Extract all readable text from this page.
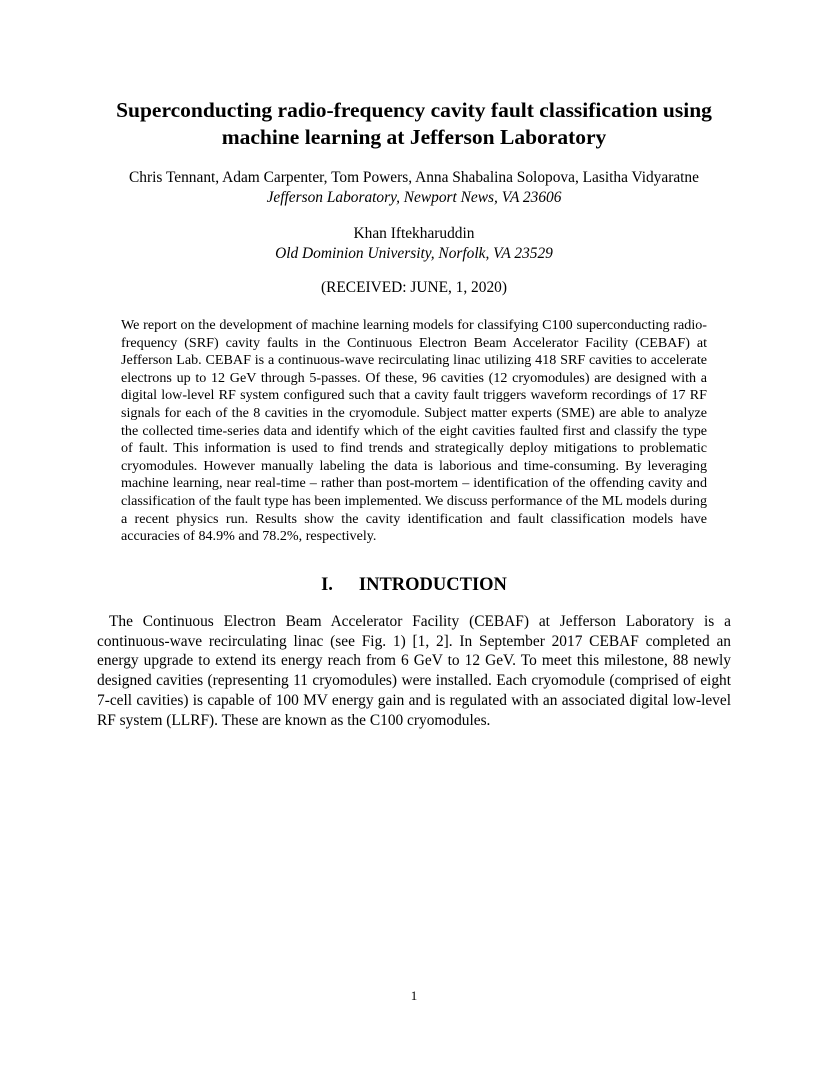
Superconducting radio-frequency cavity fault classification using
machine learning at Jefferson Laboratory
Chris Tennant, Adam Carpenter, Tom Powers, Anna Shabalina Solopova, Lasitha Vidyaratne
Jefferson Laboratory, Newport News, VA 23606
Khan Iftekharuddin
Old Dominion University, Norfolk, VA 23529
(RECEIVED: JUNE, 1, 2020)

We report on the development of machine learning models for classifying C100 superconducting radio-frequency (SRF) cavity faults in the Continuous Electron Beam Accelerator Facility (CEBAF) at Jefferson Lab. CEBAF is a continuous-wave recirculating linac utilizing 418 SRF cavities to accelerate electrons up to 12 GeV through 5-passes. Of these, 96 cavities (12 cryomodules) are designed with a digital low-level RF system configured such that a cavity fault triggers waveform recordings of 17 RF signals for each of the 8 cavities in the cryomodule. Subject matter experts (SME) are able to analyze the collected time-series data and identify which of the eight cavities faulted first and classify the type of fault. This information is used to find trends and strategically deploy mitigations to problematic cryomodules. However manually labeling the data is laborious and time-consuming. By leveraging machine learning, near real-time – rather than post-mortem – identification of the offending cavity and classification of the fault type has been implemented. We discuss performance of the ML models during a recent physics run. Results show the cavity identification and fault classification models have accuracies of 84.9% and 78.2%, respectively.

I. INTRODUCTION

The Continuous Electron Beam Accelerator Facility (CEBAF) at Jefferson Laboratory is a continuous-wave recirculating linac (see Fig. 1) [1, 2]. In September 2017 CEBAF completed an energy upgrade to extend its energy reach from 6 GeV to 12 GeV. To meet this milestone, 88 newly designed cavities (representing 11 cryomodules) were installed. Each cryomodule (comprised of eight 7-cell cavities) is capable of 100 MV energy gain and is regulated with an associated digital low-level RF system (LLRF). These are known as the C100 cryomodules.

1
